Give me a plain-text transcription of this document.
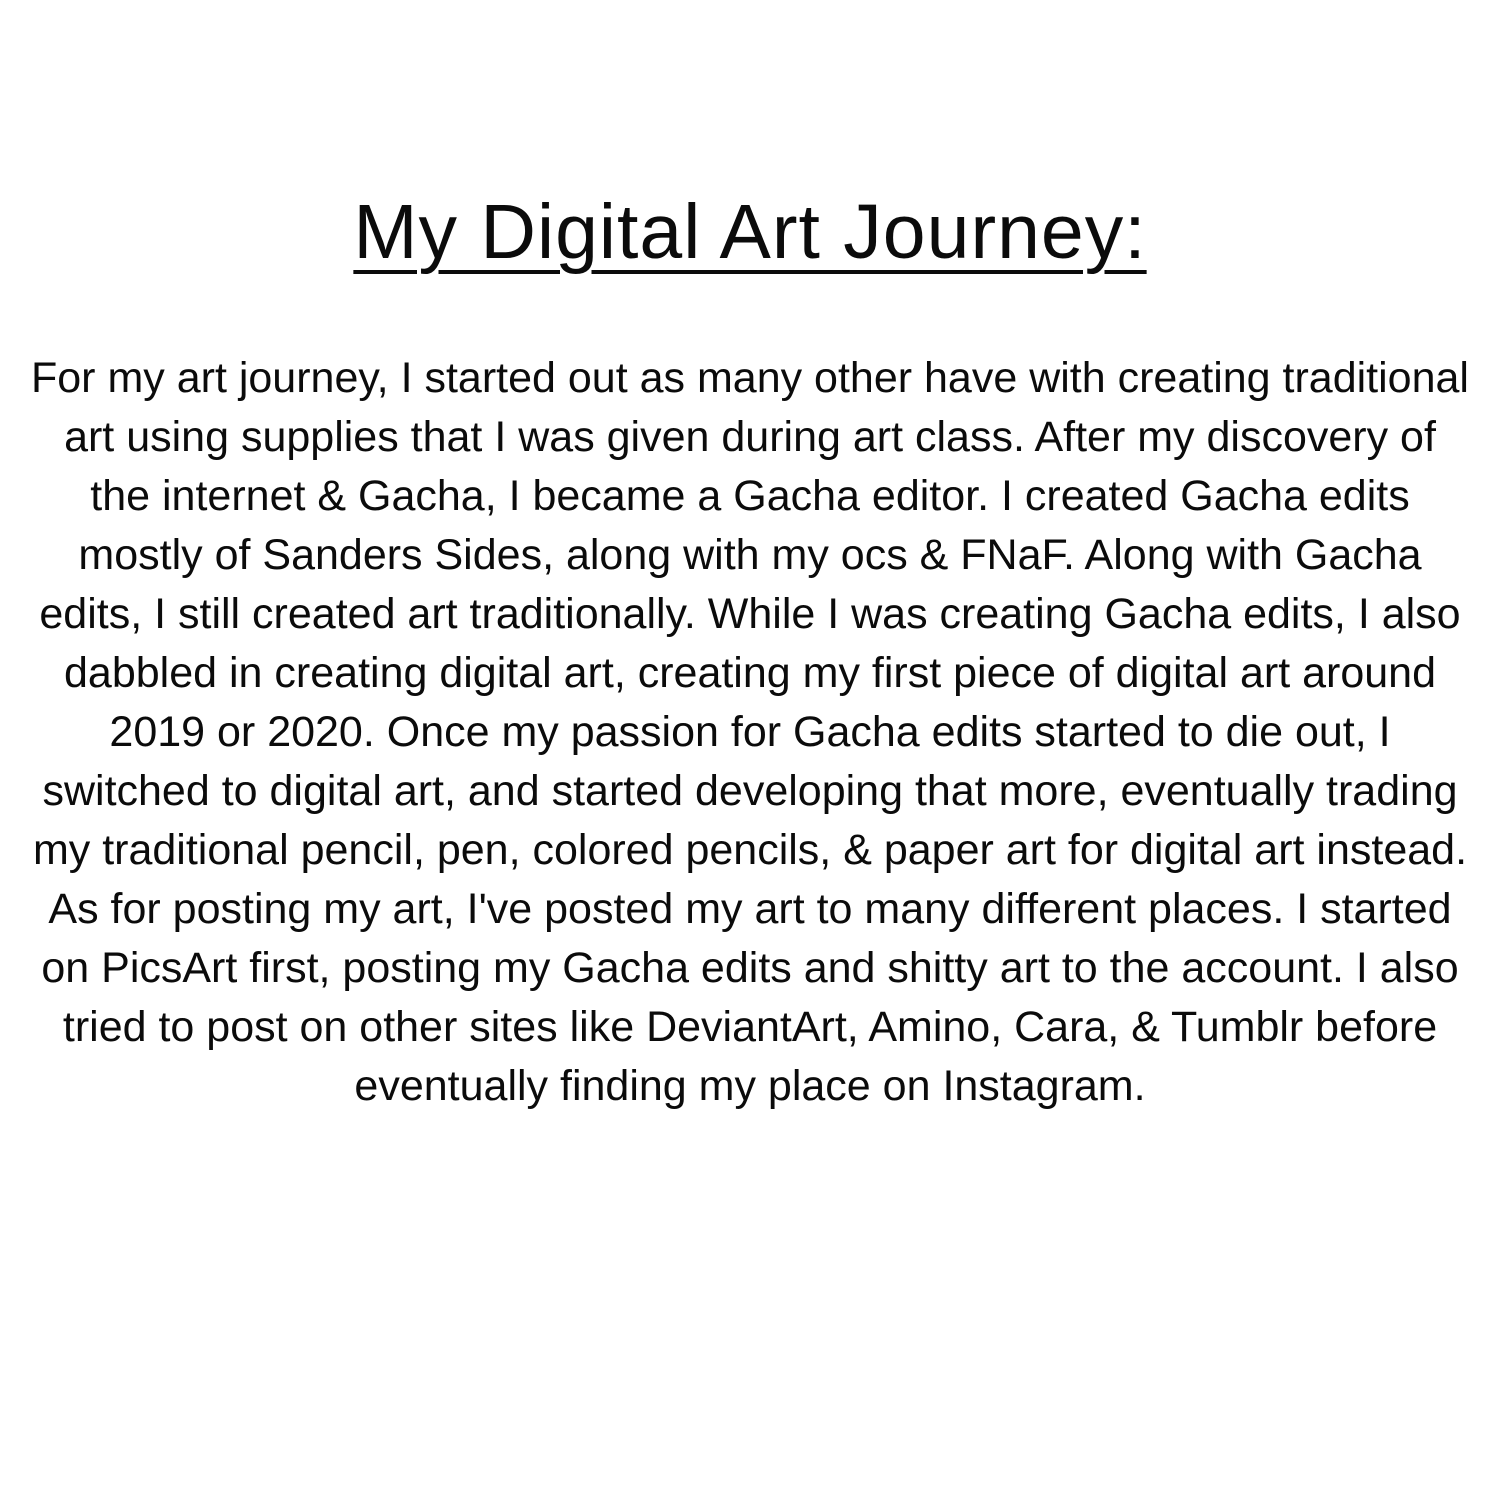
My Digital Art Journey:

For my art journey, I started out as many other have with creating traditional art using supplies that I was given during art class. After my discovery of the internet & Gacha, I became a Gacha editor. I created Gacha edits mostly of Sanders Sides, along with my ocs & FNaF. Along with Gacha edits, I still created art traditionally. While I was creating Gacha edits, I also dabbled in creating digital art, creating my first piece of digital art around 2019 or 2020. Once my passion for Gacha edits started to die out, I switched to digital art, and started developing that more, eventually trading my traditional pencil, pen, colored pencils, & paper art for digital art instead. As for posting my art, I've posted my art to many different places. I started on PicsArt first, posting my Gacha edits and shitty art to the account. I also tried to post on other sites like DeviantArt, Amino, Cara, & Tumblr before eventually finding my place on Instagram.
